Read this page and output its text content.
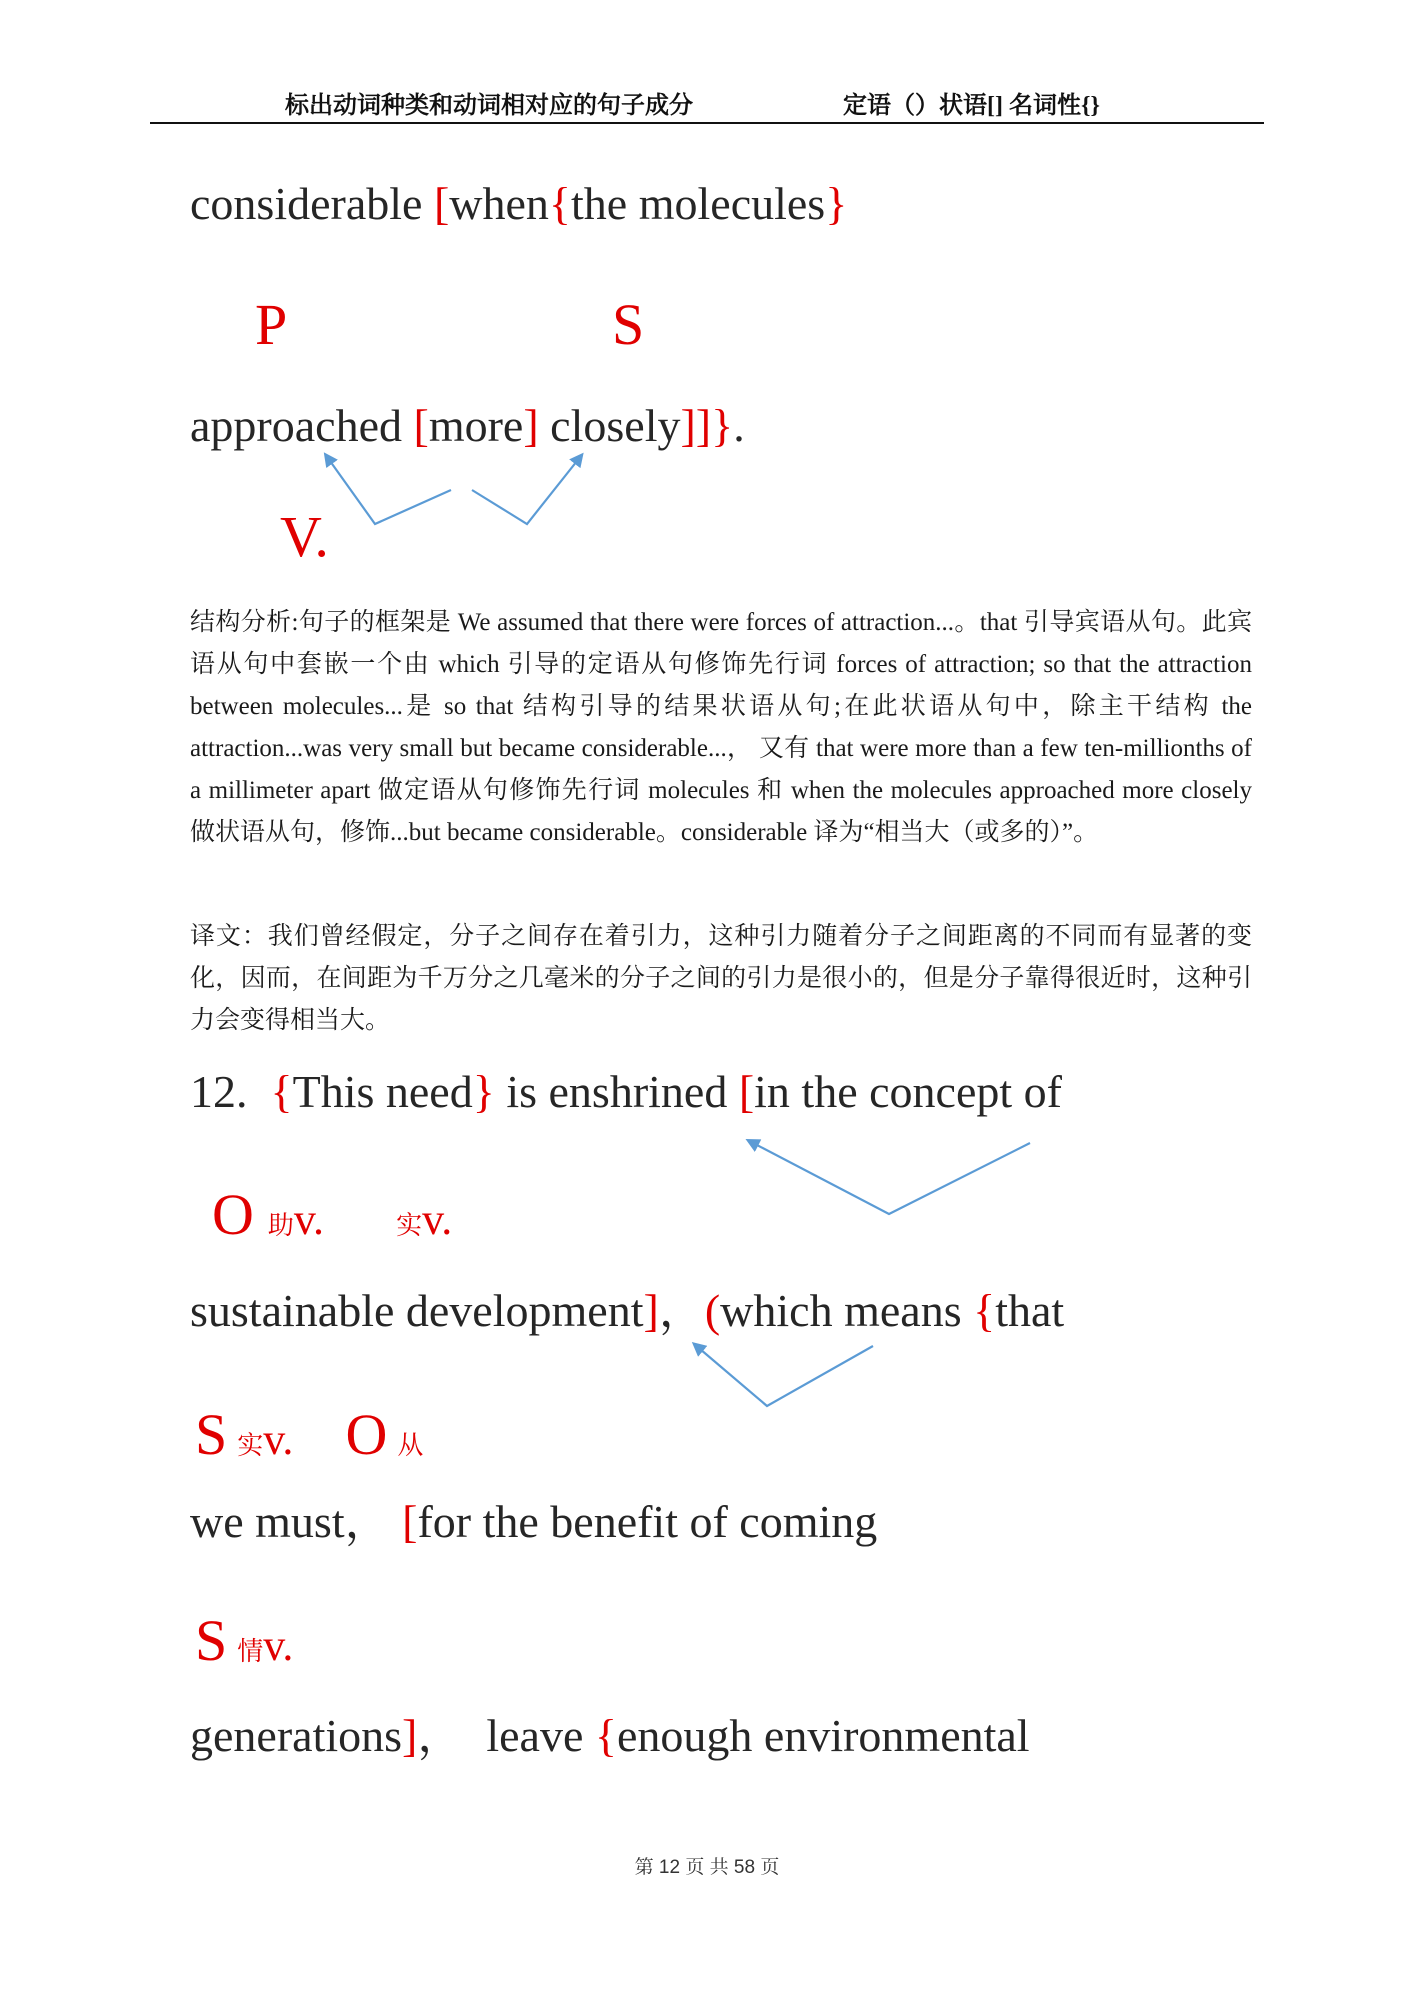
标出动词种类和动词相对应的句子成分	定语（）状语[] 名词性{}
considerable [when{the molecules}
P	S
approached [more] closely]]}.
V.
结构分析:句子的框架是 We assumed that there were forces of attraction...。that 引导宾语从句。此宾语从句中套嵌一个由 which 引导的定语从句修饰先行词 forces of attraction; so that the attraction between molecules...是 so that 结构引导的结果状语从句;在此状语从句中，除主干结构 the attraction...was very small but became considerable...， 又有 that were more than a few ten-millionths of a millimeter apart 做定语从句修饰先行词 molecules 和 when the molecules approached more closely 做状语从句，修饰...but became considerable。considerable 译为“相当大（或多的）”。
译文：我们曾经假定，分子之间存在着引力，这种引力随着分子之间距离的不同而有显著的变化，因而，在间距为千万分之几毫米的分子之间的引力是很小的，但是分子靠得很近时，这种引力会变得相当大。
12.  {This need} is enshrined [in the concept of
O助v.	实v.
sustainable development]，(which means {that
S实v. O 从
we must， [for the benefit of coming
S情v.
generations]，  leave {enough environmental
第 12 页 共 58 页
